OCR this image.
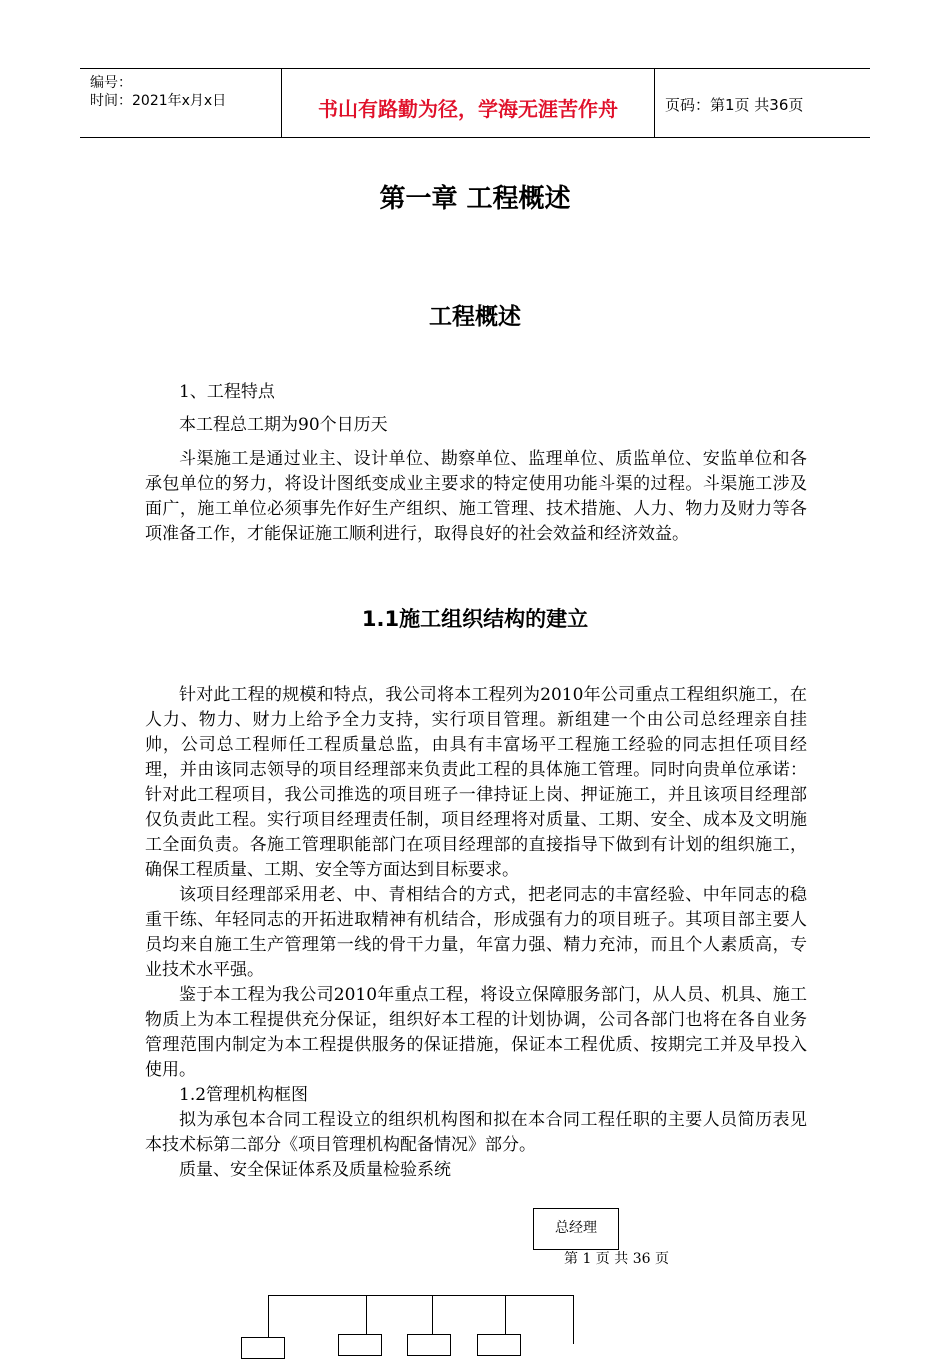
编号：
时间：2021年x月x日	书山有路勤为径，学海无涯苦作舟	页码：第1页 共36页
第一章 工程概述
工程概述

1、工程特点

本工程总工期为90个日历天

斗渠施工是通过业主、设计单位、勘察单位、监理单位、质监单位、安监单位和各承包单位的努力，将设计图纸变成业主要求的特定使用功能斗渠的过程。斗渠施工涉及面广，施工单位必须事先作好生产组织、施工管理、技术措施、人力、物力及财力等各项准备工作，才能保证施工顺利进行，取得良好的社会效益和经济效益。

1.1施工组织结构的建立

针对此工程的规模和特点，我公司将本工程列为2010年公司重点工程组织施工，在人力、物力、财力上给予全力支持，实行项目管理。新组建一个由公司总经理亲自挂帅，公司总工程师任工程质量总监，由具有丰富场平工程施工经验的同志担任项目经理，并由该同志领导的项目经理部来负责此工程的具体施工管理。同时向贵单位承诺：针对此工程项目，我公司推选的项目班子一律持证上岗、押证施工，并且该项目经理部仅负责此工程。实行项目经理责任制，项目经理将对质量、工期、安全、成本及文明施工全面负责。各施工管理职能部门在项目经理部的直接指导下做到有计划的组织施工，确保工程质量、工期、安全等方面达到目标要求。

该项目经理部采用老、中、青相结合的方式，把老同志的丰富经验、中年同志的稳重干练、年轻同志的开拓进取精神有机结合，形成强有力的项目班子。其项目部主要人员均来自施工生产管理第一线的骨干力量，年富力强、精力充沛，而且个人素质高，专业技术水平强。

鉴于本工程为我公司2010年重点工程，将设立保障服务部门，从人员、机具、施工物质上为本工程提供充分保证，组织好本工程的计划协调，公司各部门也将在各自业务管理范围内制定为本工程提供服务的保证措施，保证本工程优质、按期完工并及早投入使用。

1.2管理机构框图

拟为承包本合同工程设立的组织机构图和拟在本合同工程任职的主要人员简历表见本技术标第二部分《项目管理机构配备情况》部分。

质量、安全保证体系及质量检验系统

总经理
第 1 页 共 36 页
